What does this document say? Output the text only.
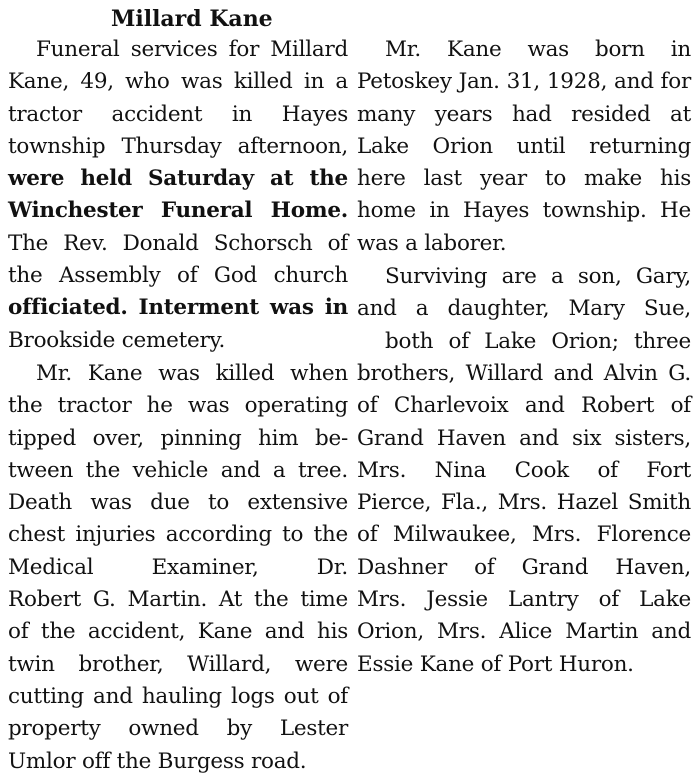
Millard Kane
Funeral services for Millard
Kane, 49, who was killed in a
tractor accident in Hayes
township Thursday afternoon,
were held Saturday at the
Winchester Funeral Home.
The Rev. Donald Schorsch of
the Assembly of God church
officiated. Interment was in
Brookside cemetery.
Mr. Kane was killed when
the tractor he was operating
tipped over, pinning him be-
tween the vehicle and a tree.
Death was due to extensive
chest injuries according to the
Medical Examiner, Dr.
Robert G. Martin. At the time
of the accident, Kane and his
twin brother, Willard, were
cutting and hauling logs out of
property owned by Lester
Umlor off the Burgess road.
Mr. Kane was born in
Petoskey Jan. 31, 1928, and for
many years had resided at
Lake Orion until returning
here last year to make his
home in Hayes township. He
was a laborer.
Surviving are a son, Gary,
and a daughter, Mary Sue,
both of Lake Orion; three
brothers, Willard and Alvin G.
of Charlevoix and Robert of
Grand Haven and six sisters,
Mrs. Nina Cook of Fort
Pierce, Fla., Mrs. Hazel Smith
of Milwaukee, Mrs. Florence
Dashner of Grand Haven,
Mrs. Jessie Lantry of Lake
Orion, Mrs. Alice Martin and
Essie Kane of Port Huron.
